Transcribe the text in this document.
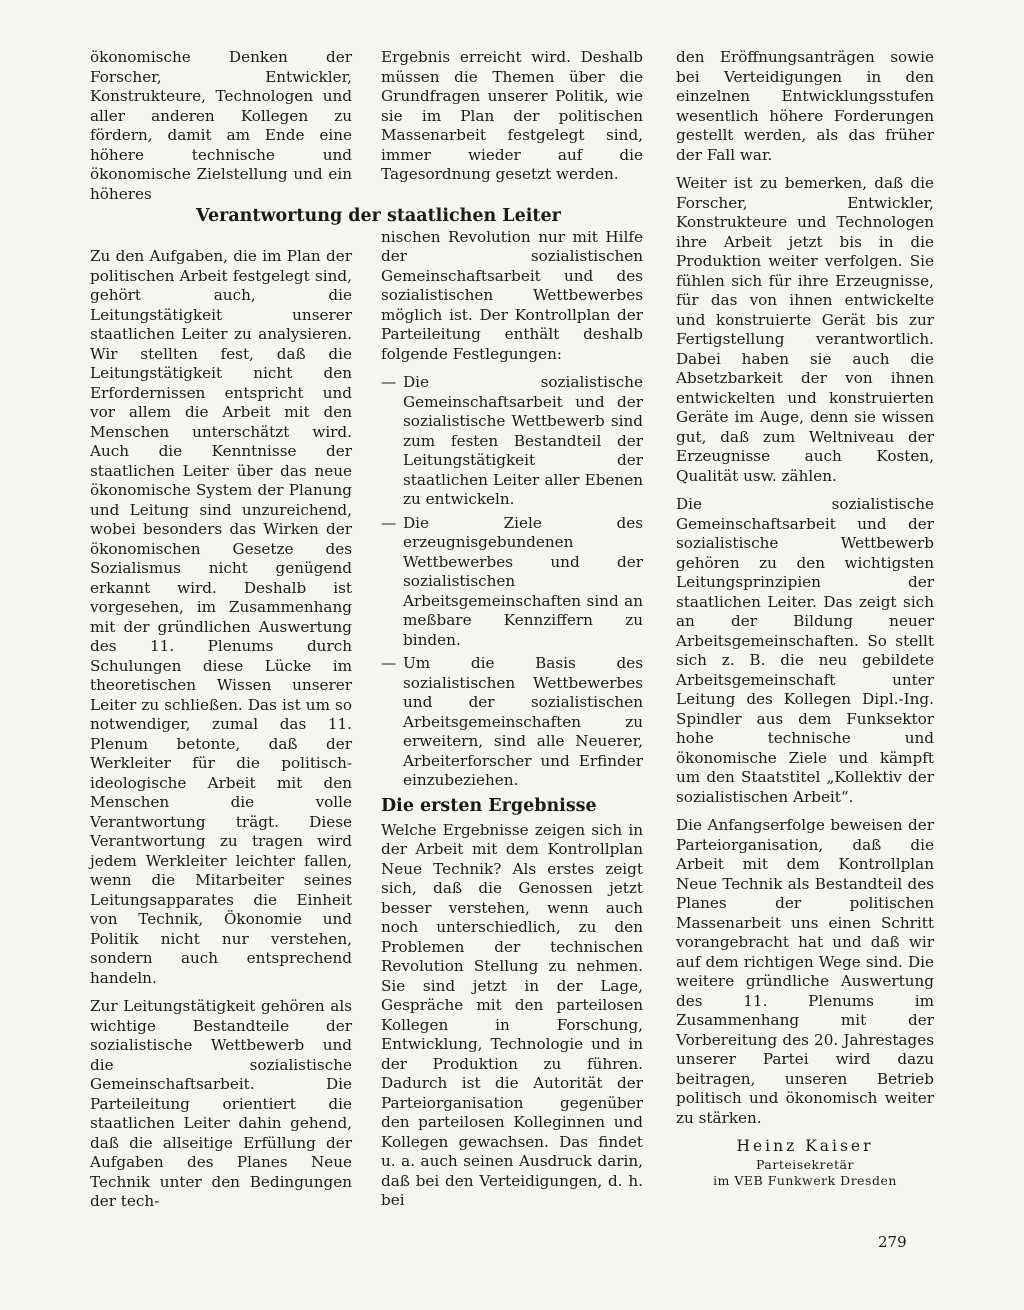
ökonomische Denken der Forscher, Entwickler, Konstrukteure, Technologen und aller anderen Kollegen zu fördern, damit am Ende eine höhere technische und ökonomische Zielstellung und ein höheres

Zu den Aufgaben, die im Plan der politischen Arbeit festgelegt sind, gehört auch, die Leitungstätigkeit unserer staatlichen Leiter zu analysieren. Wir stellten fest, daß die Leitungstätigkeit nicht den Erfordernissen entspricht und vor allem die Arbeit mit den Menschen unterschätzt wird. Auch die Kenntnisse der staatlichen Leiter über das neue ökonomische System der Planung und Leitung sind unzureichend, wobei besonders das Wirken der ökonomischen Gesetze des Sozialismus nicht genügend erkannt wird. Deshalb ist vorgesehen, im Zusammenhang mit der gründlichen Auswertung des 11. Plenums durch Schulungen diese Lücke im theoretischen Wissen unserer Leiter zu schließen. Das ist um so notwendiger, zumal das 11. Plenum betonte, daß der Werkleiter für die politisch-ideologische Arbeit mit den Menschen die volle Verantwortung trägt. Diese Verantwortung zu tragen wird jedem Werkleiter leichter fallen, wenn die Mitarbeiter seines Leitungsapparates die Einheit von Technik, Ökonomie und Politik nicht nur verstehen, sondern auch entsprechend handeln.

Zur Leitungstätigkeit gehören als wichtige Bestandteile der sozialistische Wettbewerb und die sozialistische Gemeinschaftsarbeit. Die Parteileitung orientiert die staatlichen Leiter dahin gehend, daß die allseitige Erfüllung der Aufgaben des Planes Neue Technik unter den Bedingungen der tech-

Verantwortung der staatlichen Leiter

Ergebnis erreicht wird. Deshalb müssen die Themen über die Grundfragen unserer Politik, wie sie im Plan der politischen Massenarbeit festgelegt sind, immer wieder auf die Tagesordnung gesetzt werden.

nischen Revolution nur mit Hilfe der sozialistischen Gemeinschaftsarbeit und des sozialistischen Wettbewerbes möglich ist. Der Kontrollplan der Parteileitung enthält deshalb folgende Festlegungen:

— Die sozialistische Gemeinschaftsarbeit und der sozialistische Wettbewerb sind zum festen Bestandteil der Leitungstätigkeit der staatlichen Leiter aller Ebenen zu entwickeln.
— Die Ziele des erzeugnisgebundenen Wettbewerbes und der sozialistischen Arbeitsgemeinschaften sind an meßbare Kennziffern zu binden.
— Um die Basis des sozialistischen Wettbewerbes und der sozialistischen Arbeitsgemeinschaften zu erweitern, sind alle Neuerer, Arbeiterforscher und Erfinder einzubeziehen.
Die ersten Ergebnisse

Welche Ergebnisse zeigen sich in der Arbeit mit dem Kontrollplan Neue Technik? Als erstes zeigt sich, daß die Genossen jetzt besser verstehen, wenn auch noch unterschiedlich, zu den Problemen der technischen Revolution Stellung zu nehmen. Sie sind jetzt in der Lage, Gespräche mit den parteilosen Kollegen in Forschung, Entwicklung, Technologie und in der Produktion zu führen. Dadurch ist die Autorität der Parteiorganisation gegenüber den parteilosen Kolleginnen und Kollegen gewachsen. Das findet u. a. auch seinen Ausdruck darin, daß bei den Verteidigungen, d. h. bei

den Eröffnungsanträgen sowie bei Verteidigungen in den einzelnen Entwicklungsstufen wesentlich höhere Forderungen gestellt werden, als das früher der Fall war.

Weiter ist zu bemerken, daß die Forscher, Entwickler, Konstrukteure und Technologen ihre Arbeit jetzt bis in die Produktion weiter verfolgen. Sie fühlen sich für ihre Erzeugnisse, für das von ihnen entwickelte und konstruierte Gerät bis zur Fertigstellung verantwortlich. Dabei haben sie auch die Absetzbarkeit der von ihnen entwickelten und konstruierten Geräte im Auge, denn sie wissen gut, daß zum Weltniveau der Erzeugnisse auch Kosten, Qualität usw. zählen.

Die sozialistische Gemeinschaftsarbeit und der sozialistische Wettbewerb gehören zu den wichtigsten Leitungsprinzipien der staatlichen Leiter. Das zeigt sich an der Bildung neuer Arbeitsgemeinschaften. So stellt sich z. B. die neu gebildete Arbeitsgemeinschaft unter Leitung des Kollegen Dipl.-Ing. Spindler aus dem Funksektor hohe technische und ökonomische Ziele und kämpft um den Staatstitel „Kollektiv der sozialistischen Arbeit“.

Die Anfangserfolge beweisen der Parteiorganisation, daß die Arbeit mit dem Kontrollplan Neue Technik als Bestandteil des Planes der politischen Massenarbeit uns einen Schritt vorangebracht hat und daß wir auf dem richtigen Wege sind. Die weitere gründliche Auswertung des 11. Plenums im Zusammenhang mit der Vorbereitung des 20. Jahrestages unserer Partei wird dazu beitragen, unseren Betrieb politisch und ökonomisch weiter zu stärken.

Heinz Kaiser
Parteisekretär
im VEB Funkwerk Dresden
279
